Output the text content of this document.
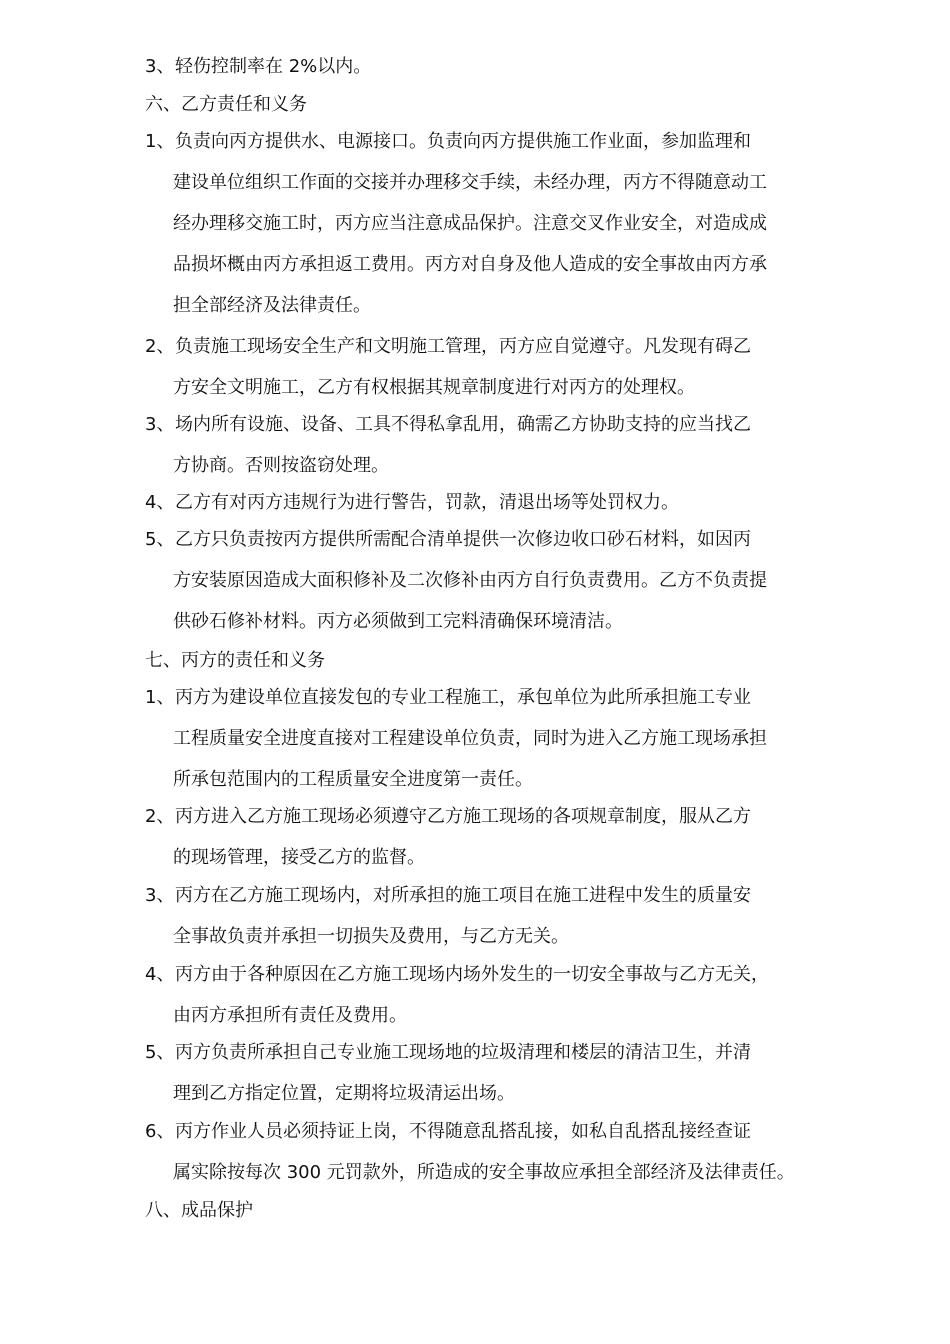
3、 轻伤控制率在 2%以内。
六、乙方责任和义务
1、 负责向丙方提供水、电源接口。负责向丙方提供施工作业面，参加监理和
建设单位组织工作面的交接并办理移交手续，未经办理，丙方不得随意动工
经办理移交施工时，丙方应当注意成品保护。注意交叉作业安全，对造成成
品损坏概由丙方承担返工费用。丙方对自身及他人造成的安全事故由丙方承
担全部经济及法律责任。
2、 负责施工现场安全生产和文明施工管理，丙方应自觉遵守。凡发现有碍乙
方安全文明施工，乙方有权根据其规章制度进行对丙方的处理权。
3、 场内所有设施、设备、工具不得私拿乱用，确需乙方协助支持的应当找乙
方协商。否则按盗窃处理。
4、 乙方有对丙方违规行为进行警告，罚款，清退出场等处罚权力。
5、 乙方只负责按丙方提供所需配合清单提供一次修边收口砂石材料，如因丙
方安装原因造成大面积修补及二次修补由丙方自行负责费用。乙方不负责提
供砂石修补材料。丙方必须做到工完料清确保环境清洁。
七、丙方的责任和义务
1、 丙方为建设单位直接发包的专业工程施工，承包单位为此所承担施工专业
工程质量安全进度直接对工程建设单位负责，同时为进入乙方施工现场承担
所承包范围内的工程质量安全进度第一责任。
2、 丙方进入乙方施工现场必须遵守乙方施工现场的各项规章制度，服从乙方
的现场管理，接受乙方的监督。
3、 丙方在乙方施工现场内，对所承担的施工项目在施工进程中发生的质量安
全事故负责并承担一切损失及费用，与乙方无关。
4、 丙方由于各种原因在乙方施工现场内场外发生的一切安全事故与乙方无关，
由丙方承担所有责任及费用。
5、 丙方负责所承担自己专业施工现场地的垃圾清理和楼层的清洁卫生，并清
理到乙方指定位置，定期将垃圾清运出场。
6、 丙方作业人员必须持证上岗，不得随意乱搭乱接，如私自乱搭乱接经查证
属实除按每次 300 元罚款外，所造成的安全事故应承担全部经济及法律责任。
八、成品保护
